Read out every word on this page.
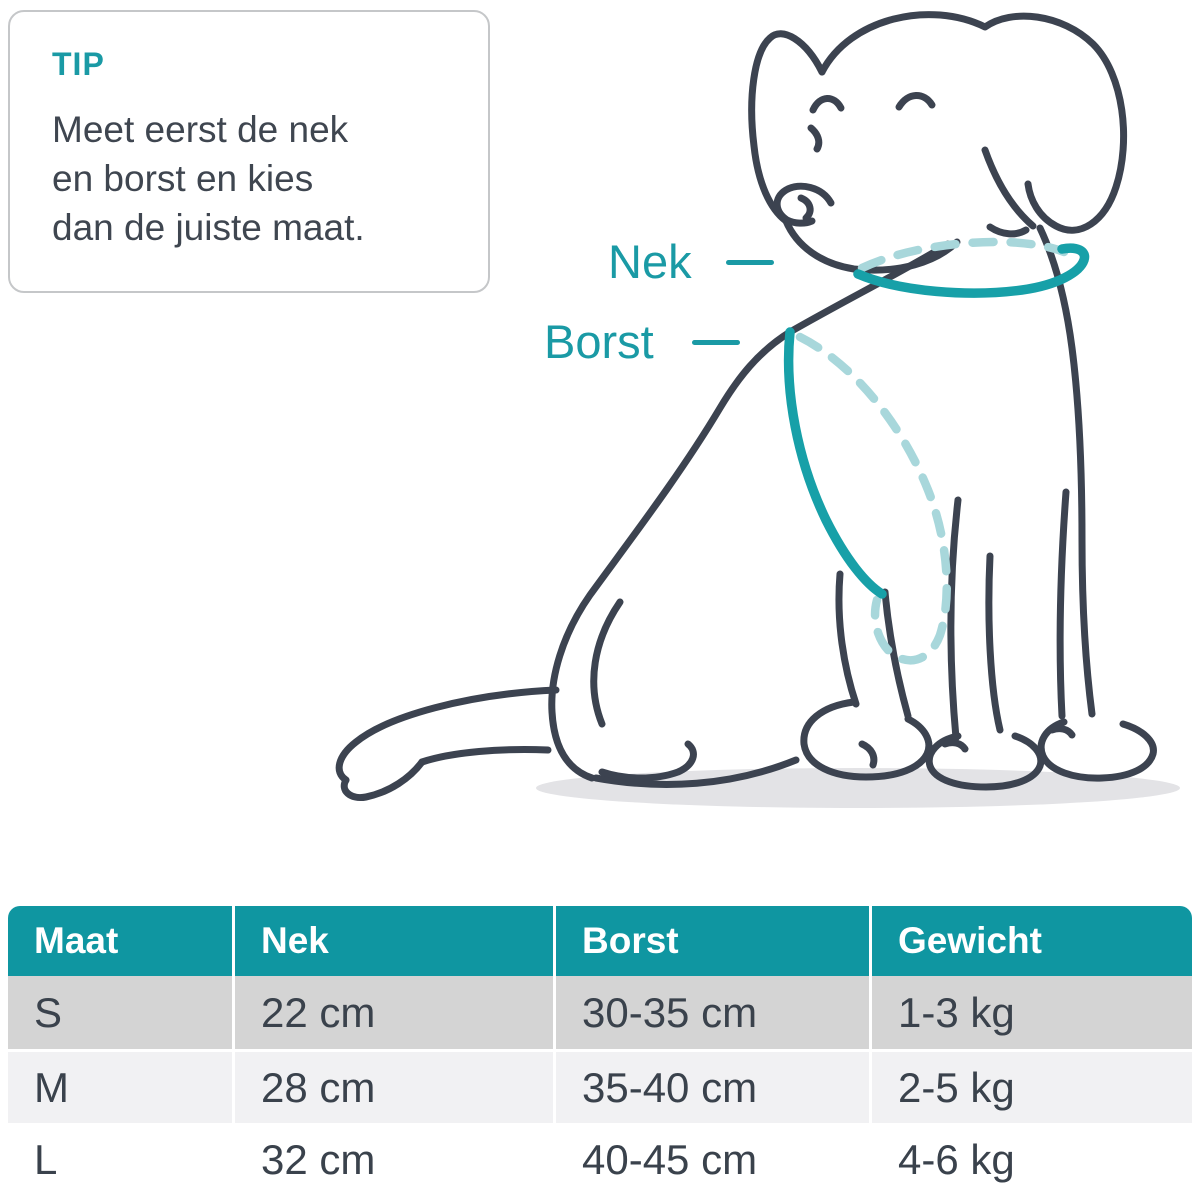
TIP
Meet eerst de nek
en borst en kies
dan de juiste maat.
Nek
Borst
Maat	Nek	Borst	Gewicht
S	22 cm	30-35 cm	1-3 kg
M	28 cm	35-40 cm	2-5 kg
L	32 cm	40-45 cm	4-6 kg
